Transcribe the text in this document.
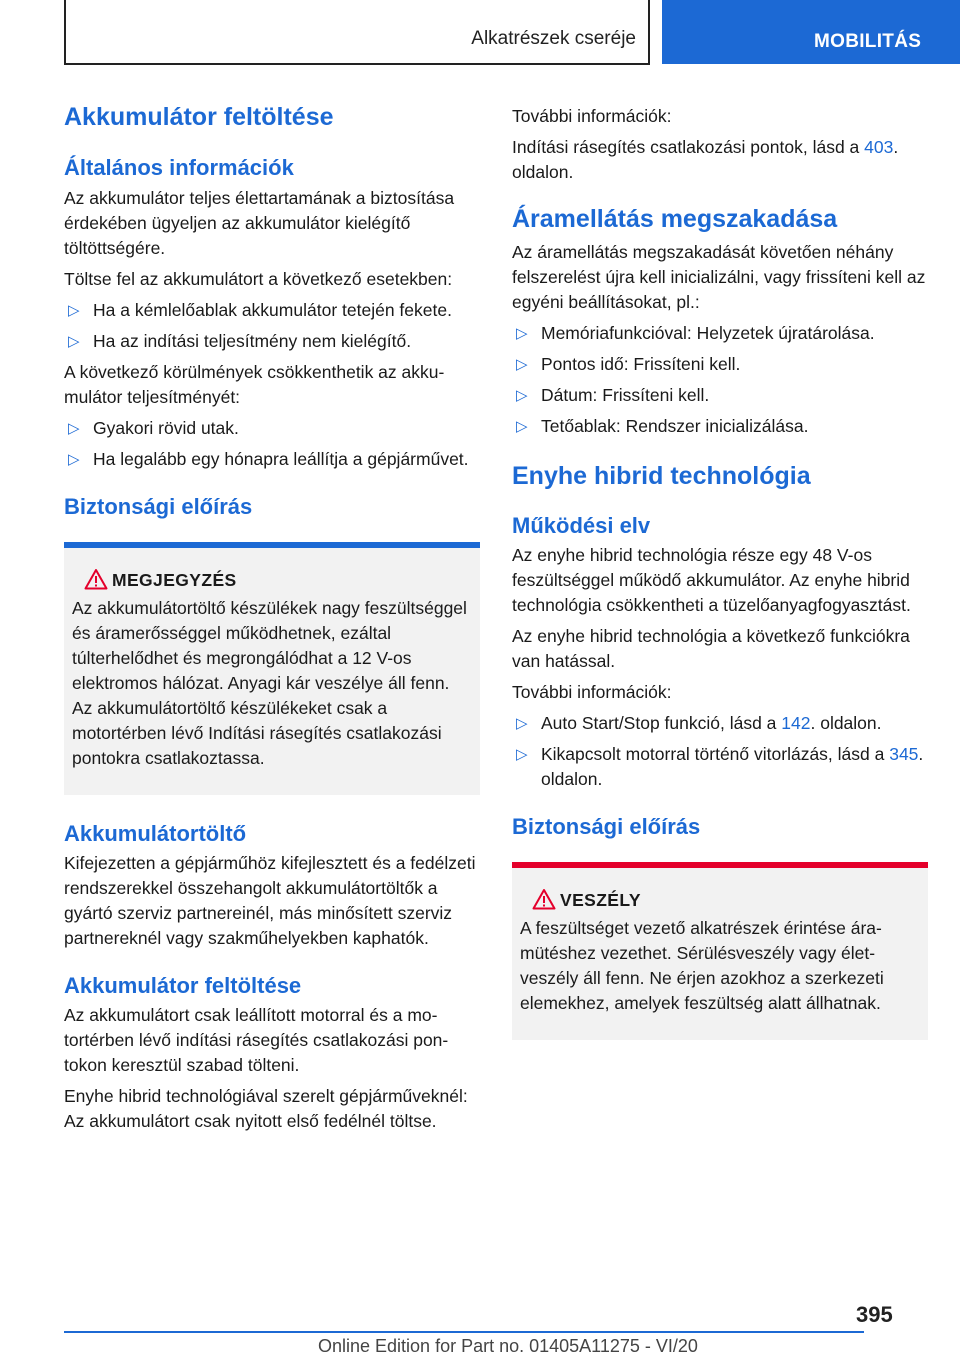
Alkatrészek cseréje	MOBILITÁS
Akkumulátor feltöltése
Általános információk

Az akkumulátor teljes élettartamának a biztosítása érdekében ügyeljen az akkumulátor kielégítő töltöttségére.

Töltse fel az akkumulátort a következő esetekben:

▷ Ha a kémlelőablak akkumulátor tetején fekete.
▷ Ha az indítási teljesítmény nem kielégítő.

A következő körülmények csökkenthetik az akkumulátor teljesítményét:

▷ Gyakori rövid utak.
▷ Ha legalább egy hónapra leállítja a gépjárművet.
Biztonsági előírás
MEGJEGYZÉS

Az akkumulátortöltő készülékek nagy feszültséggel és áramerősséggel működhetnek, ezáltal túlterhelődhet és megrongálódhat a 12 V-os elektromos hálózat. Anyagi kár veszélye áll fenn. Az akkumulátortöltő készülékeket csak a motortérben lévő Indítási rásegítés csatlakozási pontokra csatlakoztassa.

Akkumulátortöltő

Kifejezetten a gépjárműhöz kifejlesztett és a fedélzeti rendszerekkel összehangolt akkumulátortöltők a gyártó szerviz partnereinél, más minősített szerviz partnereknél vagy szakműhelyekben kaphatók.

Akkumulátor feltöltése

Az akkumulátort csak leállított motorral és a motortérben lévő indítási rásegítés csatlakozási pontokon keresztül szabad tölteni.

Enyhe hibrid technológiával szerelt gépjárműveknél: Az akkumulátort csak nyitott első fedélnél töltse.

További információk:

Indítási rásegítés csatlakozási pontok, lásd a 403. oldalon.

Áramellátás megszakadása

Az áramellátás megszakadását követően néhány felszerelést újra kell inicializálni, vagy frissíteni kell az egyéni beállításokat, pl.:

▷ Memóriafunkcióval: Helyzetek újratárolása.
▷ Pontos idő: Frissíteni kell.
▷ Dátum: Frissíteni kell.
▷ Tetőablak: Rendszer inicializálása.
Enyhe hibrid technológia
Működési elv

Az enyhe hibrid technológia része egy 48 V-os feszültséggel működő akkumulátor. Az enyhe hibrid technológia csökkentheti a tüzelőanyagfogyasztást.

Az enyhe hibrid technológia a következő funkciókra van hatással.

További információk:

▷ Auto Start/Stop funkció, lásd a 142. oldalon.
▷ Kikapcsolt motorral történő vitorlázás, lásd a 345. oldalon.
Biztonsági előírás
VESZÉLY

A feszültséget vezető alkatrészek érintése áramütéshez vezethet. Sérülésveszély vagy életveszély áll fenn. Ne érjen azokhoz a szerkezeti elemekhez, amelyek feszültség alatt állhatnak.

395
Online Edition for Part no. 01405A11275 - VI/20
